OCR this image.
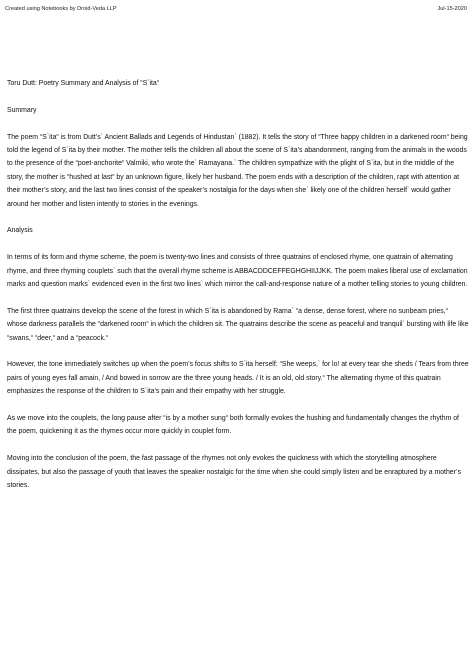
Created using Notebooks by Droid-Veda LLP	Jul-15-2020

Toru Dutt: Poetry Summary and Analysis of “S`ita“

Summary

The poem “S`ita“ is from Dutt’s` Ancient Ballads and Legends of Hindustan` (1882). It tells the story of “Three happy children in a darkened room“ being told the legend of S`ita by their mother. The mother tells the children all about the scene of S`ita’s abandonment, ranging from the animals in the woods to the presence of the “poet-anchorite“ Valmiki, who wrote the` Ramayana.` The children sympathize with the plight of S`ita, but in the middle of the story, the mother is “hushed at last“ by an unknown figure, likely her husband. The poem ends with a description of the children, rapt with attention at their mother’s story, and the last two lines consist of the speaker’s nostalgia for the days when she` likely one of the children herself` would gather around her mother and listen intently to stories in the evenings.

Analysis

In terms of its form and rhyme scheme, the poem is twenty-two lines and consists of three quatrains of enclosed rhyme, one quatrain of alternating rhyme, and three rhyming couplets` such that the overall rhyme scheme is ABBACDDCEFFEGHGHIIJJKK. The poem makes liberal use of exclamation marks and question marks` evidenced even in the first two lines` which mirror the call-and-response nature of a mother telling stories to young children.

The first three quatrains develop the scene of the forest in which S`ita is abandoned by Rama` “a dense, dense forest, where no sunbeam pries,“ whose darkness parallels the “darkened room“ in which the children sit. The quatrains describe the scene as peaceful and tranquil` bursting with life like “swans,“ “deer,“ and a “peacock.“

However, the tone immediately switches up when the poem’s focus shifts to S`ita herself: “She weeps,` for lo! at every tear she sheds / Tears from three pairs of young eyes fall amain, / And bowed in sorrow are the three young heads. / It is an old, old story.“ The alternating rhyme of this quatrain emphasizes the response of the children to S`ita’s pain and their empathy with her struggle.

As we move into the couplets, the long pause after “is by a mother sung“ both formally evokes the hushing and fundamentally changes the rhythm of the poem, quickening it as the rhymes occur more quickly in couplet form.

Moving into the conclusion of the poem, the fast passage of the rhymes not only evokes the quickness with which the storytelling atmosphere dissipates, but also the passage of youth that leaves the speaker nostalgic for the time when she could simply listen and be enraptured by a mother’s stories.
